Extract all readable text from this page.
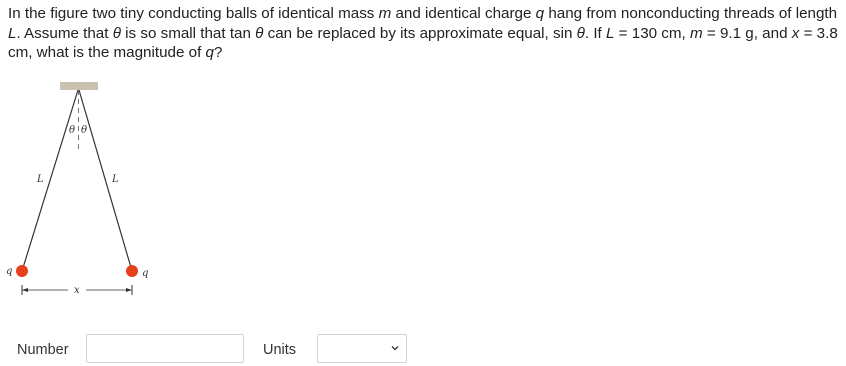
In the figure two tiny conducting balls of identical mass m and identical charge q hang from nonconducting threads of length L. Assume that θ is so small that tan θ can be replaced by its approximate equal, sin θ. If L = 130 cm, m = 9.1 g, and x = 3.8 cm, what is the magnitude of q?
θ θ
L	L
q	q
x
Number	Units
